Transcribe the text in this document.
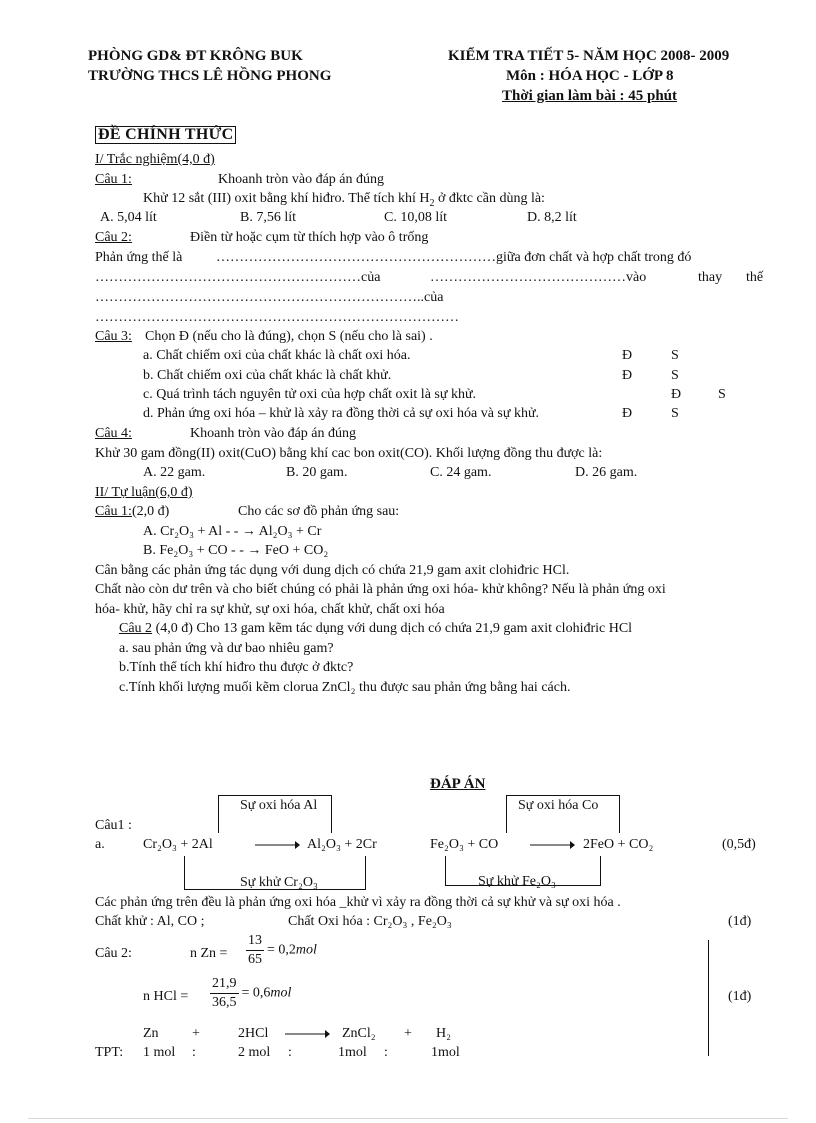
PHÒNG GD& ĐT KRÔNG BUK
TRƯỜNG THCS LÊ HỒNG PHONG
KIỂM TRA TIẾT 5- NĂM HỌC 2008- 2009
Môn : HÓA HỌC - LỚP 8
Thời gian làm bài : 45 phút
ĐỀ CHÍNH THỨC
I/ Trắc nghiệm(4,0 đ)
Câu 1:	Khoanh tròn vào đáp án đúng
Khử 12 sắt (III) oxit bằng khí hiđro. Thể tích khí $H_2$ ở đktc cần dùng là:
A. 5,04 lít	B. 7,56 lít	C. 10,08 lít	D. 8,2 lít
Câu 2:	Điền từ hoặc cụm từ thích hợp vào ô trống
Phản ứng thế là ……………………………………………………giữa đơn chất và hợp chất trong đó
…………………………………………………của	……………………………………vào	thay thế
……………………………………………………………..của
……………………………………………………………………
Câu 3: Chọn Đ (nếu cho là đúng), chọn S (nếu cho là sai) .
a. Chất chiếm oxi của chất khác là chất oxi hóa.	Đ	S
b. Chất chiếm oxi của chất khác là chất khử.	Đ	S
c. Quá trình tách nguyên tử oxi của hợp chất oxit là sự khử.	Đ	S
d. Phản ứng oxi hóa – khử là xảy ra đồng thời cả sự oxi hóa và sự khử.	Đ	S
Câu 4:	Khoanh tròn vào đáp án đúng
Khử 30 gam đồng(II) oxit(CuO) bằng khí cac bon oxit(CO). Khối lượng đồng thu được là:
A. 22 gam.	B. 20 gam.	C. 24 gam.	D. 26 gam.
II/ Tự luận(6,0 đ)
Câu 1:(2,0 đ)	Cho các sơ đồ phản ứng sau:
A. Cr₂O₃ + Al - - → Al₂O₃ + Cr
B. Fe₂O₃ + CO - - → FeO + CO₂
Cân bằng các phản ứng tác dụng với dung dịch có chứa 21,9 gam axit clohiđric HCl.
Chất nào còn dư trên và cho biết chúng có phải là phản ứng oxi hóa- khử không? Nếu là phản ứng oxi
hóa- khử, hãy chỉ ra sự khử, sự oxi hóa, chất khử, chất oxi hóa
Câu 2 (4,0 đ) Cho 13 gam kẽm tác dụng với dung dịch có chứa 21,9 gam axit clohiđric HCl
a. sau phản ứng và dư bao nhiêu gam?
b.Tính thể tích khí hiđro thu được ở đktc?
c.Tính khối lượng muối kẽm clorua ZnCl₂ thu được sau phản ứng bằng hai cách.
ĐÁP ÁN
Sự oxi hóa Al	Sự oxi hóa Co
Câu1 :
a.	Cr₂O₃ + 2Al	Al₂O₃ + 2Cr	Fe₂O₃ + CO	2FeO + CO₂	(0,5đ)
Sự khử Cr₂O₃	Sự khử Fe₂O₃
Các phản ứng trên đều là phản ứng oxi hóa _khử vì xảy ra đồng thời cả sự khử và sự oxi hóa .
Chất khử : Al, CO ;	Chất Oxi hóa : Cr₂O₃ , Fe₂O₃	(1đ)
Câu 2:	n $Zn = \frac{13}{65} = 0,2mol$
n HCl = $\frac{21,9}{36,5} = 0,6mol$	(1đ)
Zn +	2HCl	ZnCl₂ + H₂
TPT: 1 mol :	2 mol :	1mol :	1mol
